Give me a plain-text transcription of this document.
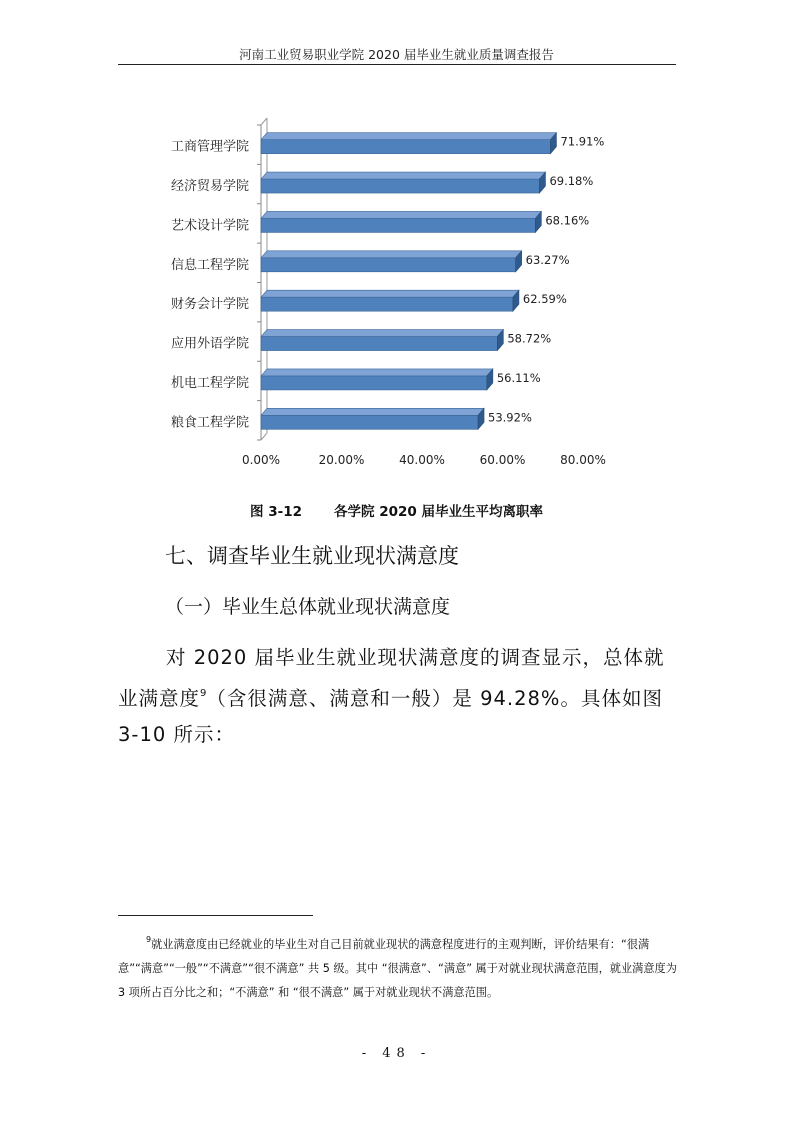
河南工业贸易职业学院 2020 届毕业生就业质量调查报告
0.00%	20.00%	40.00%	60.00%	80.00%
71.91%
工商管理学院
69.18%
经济贸易学院
68.16%
艺术设计学院
63.27%
信息工程学院
62.59%
财务会计学院
58.72%
应用外语学院
56.11%
机电工程学院
53.92%
粮食工程学院
图 3-12 各学院 2020 届毕业生平均离职率
七、调查毕业生就业现状满意度
（一）毕业生总体就业现状满意度
对 2020 届毕业生就业现状满意度的调查显示，总体就业满意度$^9$（含很满意、满意和一般）是 94.28%。具体如图 3-10 所示：
$^9$就业满意度由已经就业的毕业生对自己目前就业现状的满意程度进行的主观判断，评价结果有：“很满意”“满意”“一般”“不满意”“很不满意” 共 5 级。其中 “很满意”、“满意” 属于对就业现状满意范围，就业满意度为 3 项所占百分比之和；“不满意” 和 “很不满意” 属于对就业现状不满意范围。
- 48 -
